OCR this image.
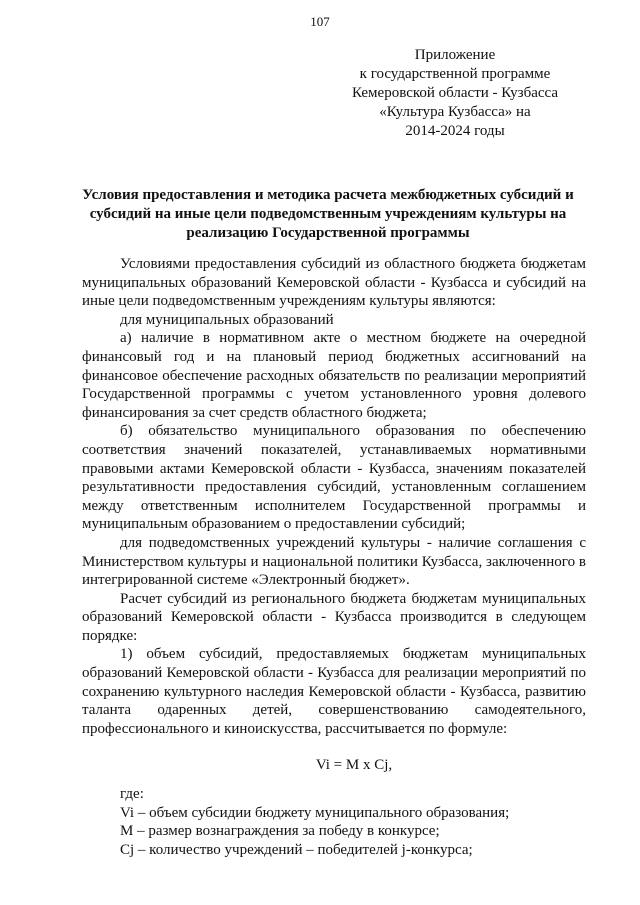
107
Приложение
к государственной программе
Кемеровской области - Кузбасса
«Культура Кузбасса» на
2014-2024 годы
Условия предоставления и методика расчета межбюджетных субсидий и субсидий на иные цели подведомственным учреждениям культуры на реализацию Государственной программы

Условиями предоставления субсидий из областного бюджета бюджетам муниципальных образований Кемеровской области - Кузбасса и субсидий на иные цели подведомственным учреждениям культуры являются:

для муниципальных образований

а) наличие в нормативном акте о местном бюджете на очередной финансовый год и на плановый период бюджетных ассигнований на финансовое обеспечение расходных обязательств по реализации мероприятий Государственной программы с учетом установленного уровня долевого финансирования за счет средств областного бюджета;

б) обязательство муниципального образования по обеспечению соответствия значений показателей, устанавливаемых нормативными правовыми актами Кемеровской области - Кузбасса, значениям показателей результативности предоставления субсидий, установленным соглашением между ответственным исполнителем Государственной программы и муниципальным образованием о предоставлении субсидий;

для подведомственных учреждений культуры - наличие соглашения с Министерством культуры и национальной политики Кузбасса, заключенного в интегрированной системе «Электронный бюджет».

Расчет субсидий из регионального бюджета бюджетам муниципальных образований Кемеровской области - Кузбасса производится в следующем порядке:

1) объем субсидий, предоставляемых бюджетам муниципальных образований Кемеровской области - Кузбасса для реализации мероприятий по сохранению культурного наследия Кемеровской области - Кузбасса, развитию таланта одаренных детей, совершенствованию самодеятельного, профессионального и киноискусства, рассчитывается по формуле:

Vi = M x Cj,

где:

Vi – объем субсидии бюджету муниципального образования;

M – размер вознаграждения за победу в конкурсе;

Cj – количество учреждений – победителей j-конкурса;
